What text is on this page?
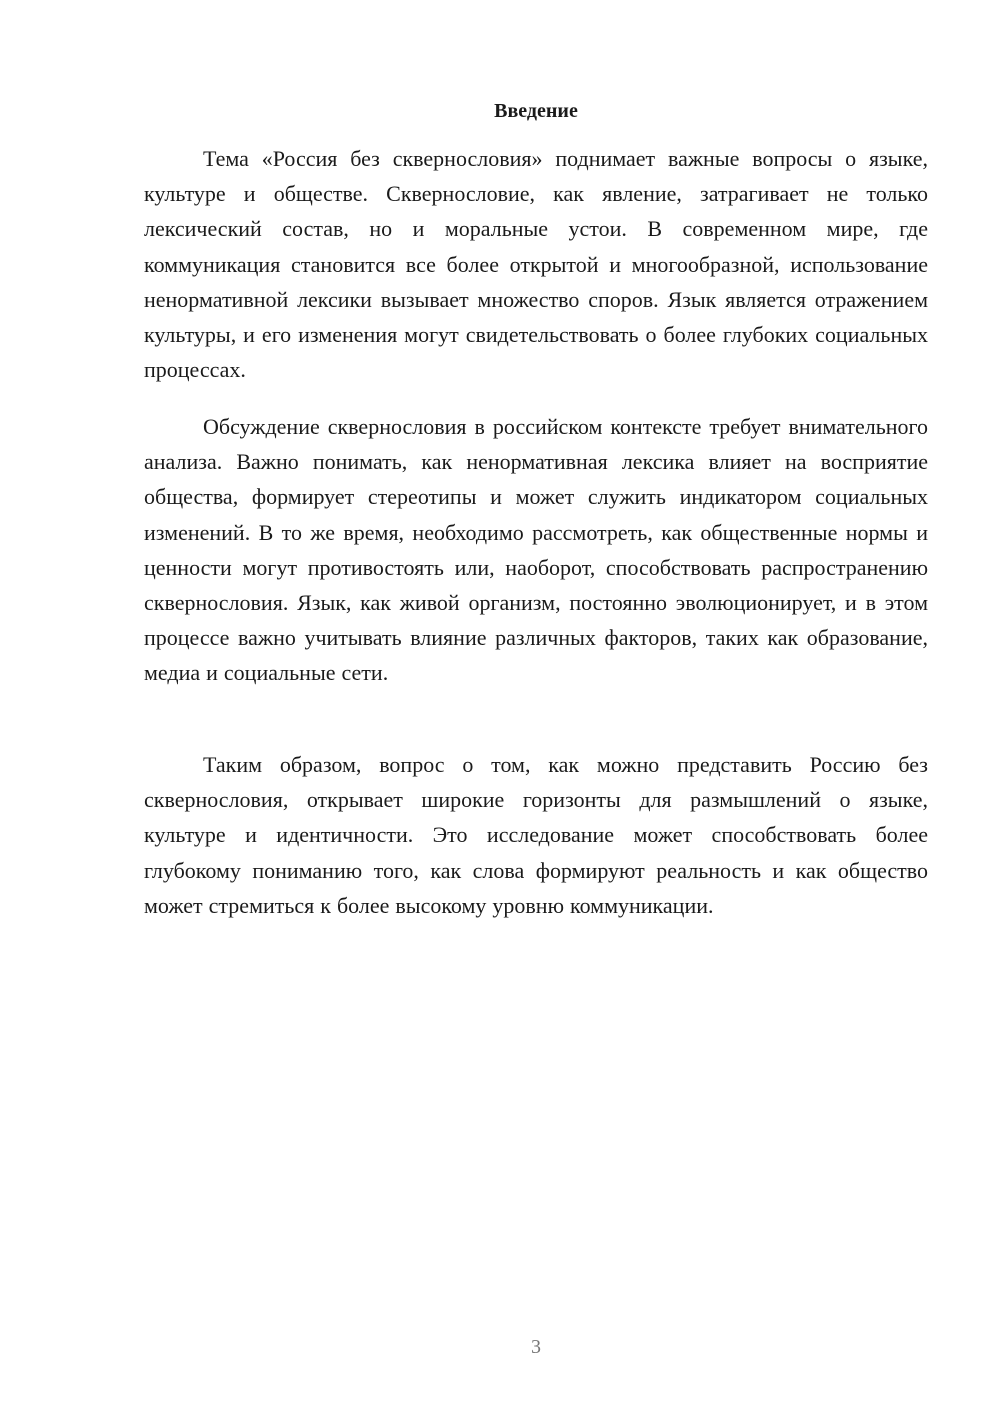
Введение

Тема «Россия без сквернословия» поднимает важные вопросы о языке, культуре и обществе. Сквернословие, как явление, затрагивает не только лексический состав, но и моральные устои. В современном мире, где коммуникация становится все более открытой и многообразной, использование ненормативной лексики вызывает множество споров. Язык является отражением культуры, и его изменения могут свидетельствовать о более глубоких социальных процессах.

Обсуждение сквернословия в российском контексте требует внимательного анализа. Важно понимать, как ненормативная лексика влияет на восприятие общества, формирует стереотипы и может служить индикатором социальных изменений. В то же время, необходимо рассмотреть, как общественные нормы и ценности могут противостоять или, наоборот, способствовать распространению сквернословия. Язык, как живой организм, постоянно эволюционирует, и в этом процессе важно учитывать влияние различных факторов, таких как образование, медиа и социальные сети.

Таким образом, вопрос о том, как можно представить Россию без сквернословия, открывает широкие горизонты для размышлений о языке, культуре и идентичности. Это исследование может способствовать более глубокому пониманию того, как слова формируют реальность и как общество может стремиться к более высокому уровню коммуникации.

3
